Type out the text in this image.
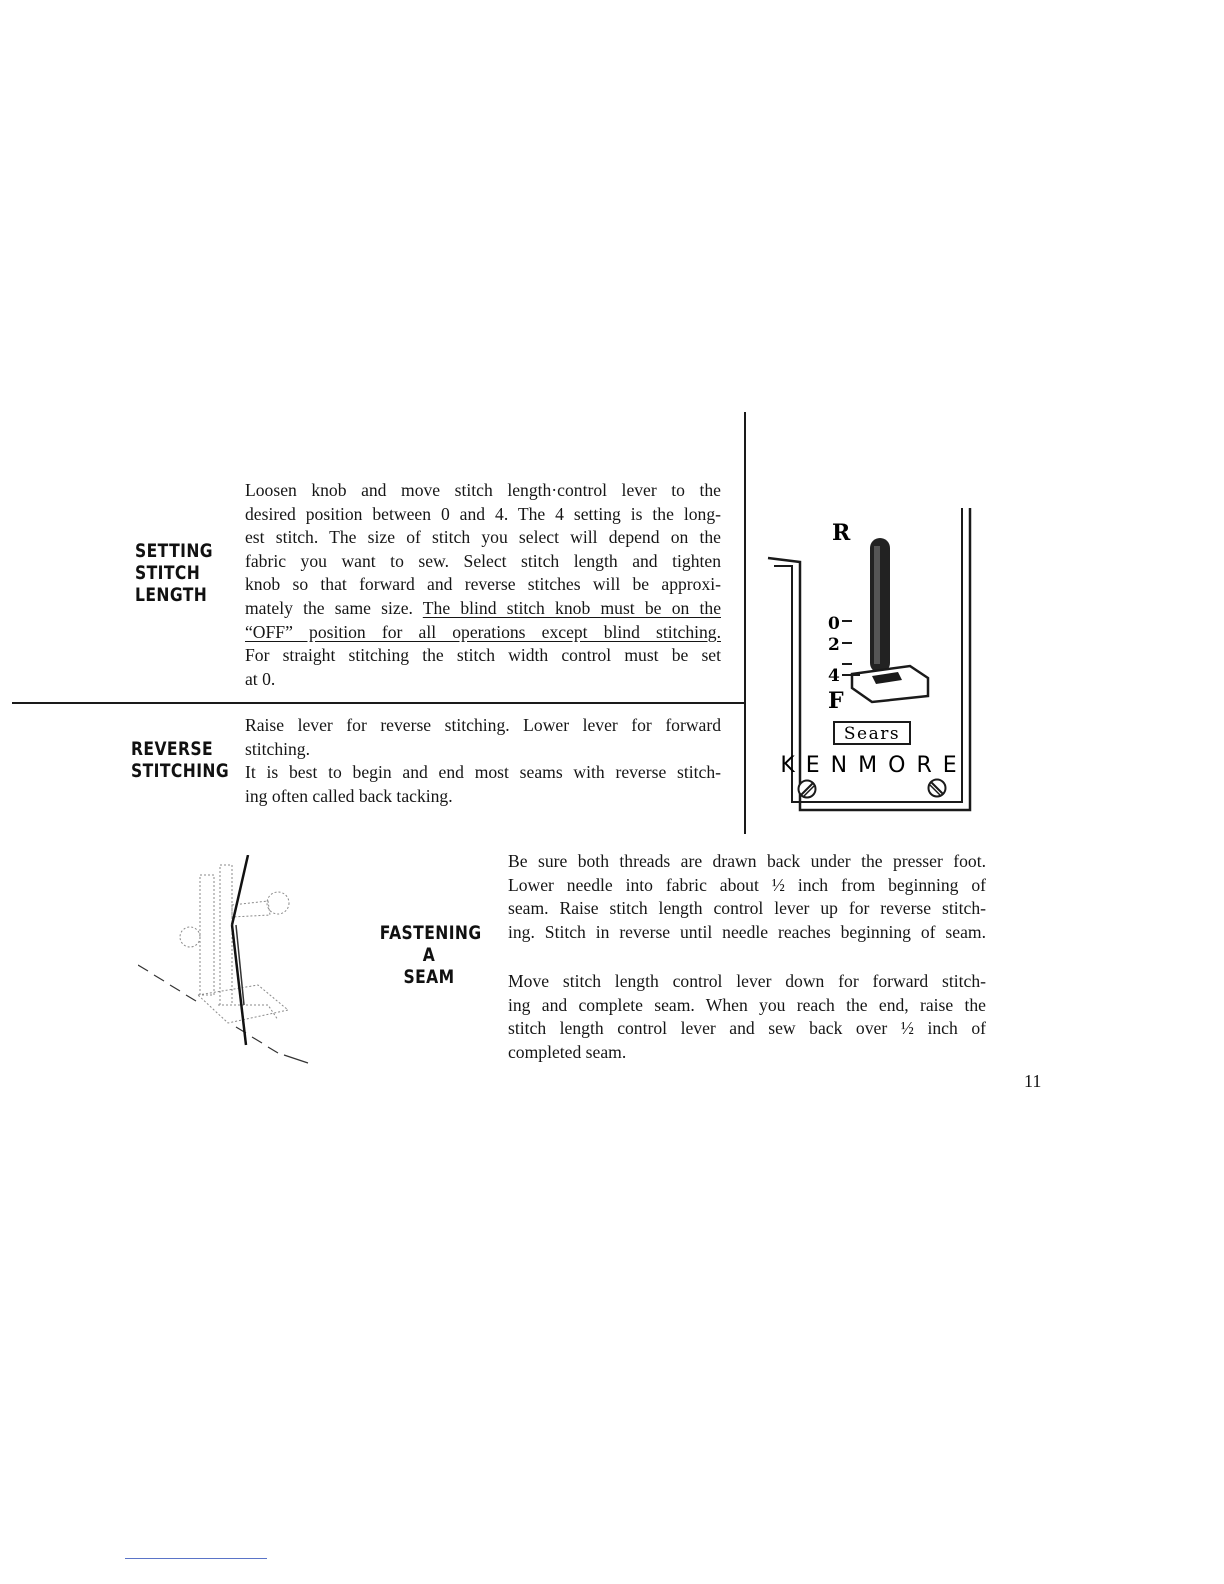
SETTING
STITCH
LENGTH

Loosen knob and move stitch length·control lever to the

desired position between 0 and 4. The 4 setting is the long-

est stitch. The size of stitch you select will depend on the

fabric you want to sew. Select stitch length and tighten

knob so that forward and reverse stitches will be approxi-

mately the same size. The blind stitch knob must be on the

“OFF” position for all operations except blind stitching.

For straight stitching the stitch width control must be set

at 0.

REVERSE
STITCHING

Raise lever for reverse stitching. Lower lever for forward

stitching.

It is best to begin and end most seams with reverse stitch-

ing often called back tacking.

R
0
2
4
F
Sears
KENMORE
FASTENING
A
SEAM

Be sure both threads are drawn back under the presser foot.

Lower needle into fabric about ½ inch from beginning of

seam. Raise stitch length control lever up for reverse stitch-

ing. Stitch in reverse until needle reaches beginning of seam.

Move stitch length control lever down for forward stitch-

ing and complete seam. When you reach the end, raise the

stitch length control lever and sew back over ½ inch of

completed seam.

11
